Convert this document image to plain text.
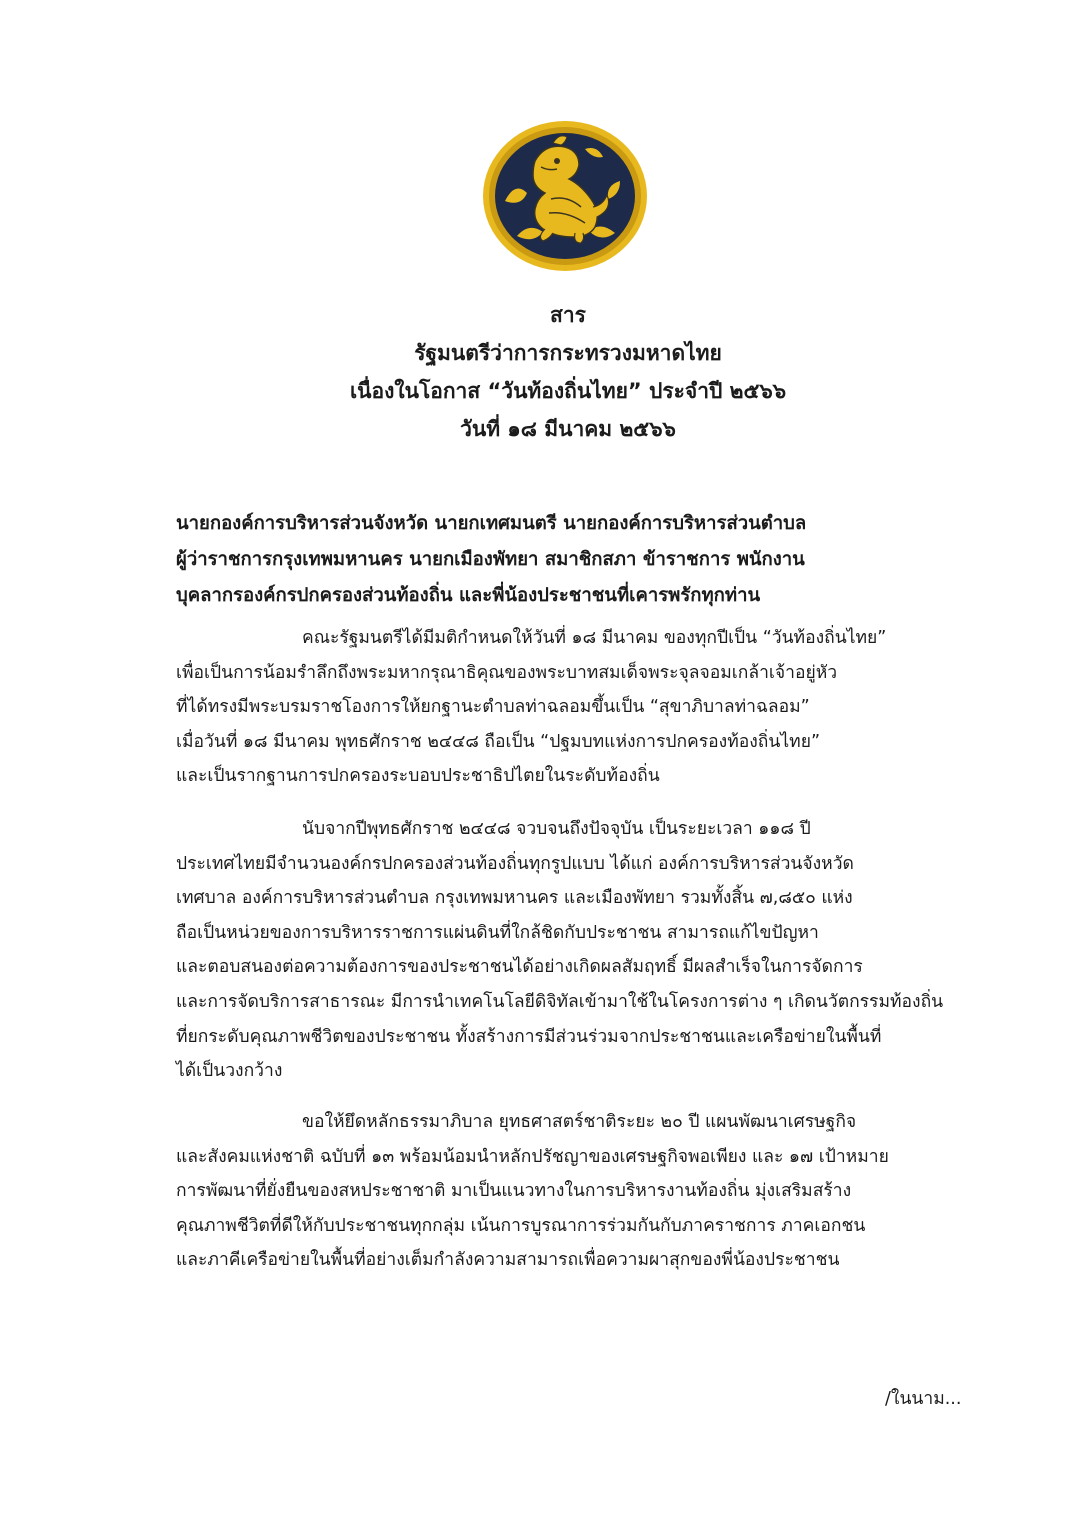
สาร
รัฐมนตรีว่าการกระทรวงมหาดไทย
เนื่องในโอกาส “วันท้องถิ่นไทย” ประจำปี ๒๕๖๖
วันที่ ๑๘ มีนาคม ๒๕๖๖
นายกองค์การบริหารส่วนจังหวัด นายกเทศมนตรี นายกองค์การบริหารส่วนตำบล
ผู้ว่าราชการกรุงเทพมหานคร นายกเมืองพัทยา สมาชิกสภา ข้าราชการ พนักงาน
บุคลากรองค์กรปกครองส่วนท้องถิ่น และพี่น้องประชาชนที่เคารพรักทุกท่าน
คณะรัฐมนตรีได้มีมติกำหนดให้วันที่ ๑๘ มีนาคม ของทุกปีเป็น “วันท้องถิ่นไทย”
เพื่อเป็นการน้อมรำลึกถึงพระมหากรุณาธิคุณของพระบาทสมเด็จพระจุลจอมเกล้าเจ้าอยู่หัว
ที่ได้ทรงมีพระบรมราชโองการให้ยกฐานะตำบลท่าฉลอมขึ้นเป็น “สุขาภิบาลท่าฉลอม”
เมื่อวันที่ ๑๘ มีนาคม พุทธศักราช ๒๔๔๘ ถือเป็น “ปฐมบทแห่งการปกครองท้องถิ่นไทย”
และเป็นรากฐานการปกครองระบอบประชาธิปไตยในระดับท้องถิ่น
นับจากปีพุทธศักราช ๒๔๔๘ จวบจนถึงปัจจุบัน เป็นระยะเวลา ๑๑๘ ปี
ประเทศไทยมีจำนวนองค์กรปกครองส่วนท้องถิ่นทุกรูปแบบ ได้แก่ องค์การบริหารส่วนจังหวัด
เทศบาล องค์การบริหารส่วนตำบล กรุงเทพมหานคร และเมืองพัทยา รวมทั้งสิ้น ๗,๘๕๐ แห่ง
ถือเป็นหน่วยของการบริหารราชการแผ่นดินที่ใกล้ชิดกับประชาชน สามารถแก้ไขปัญหา
และตอบสนองต่อความต้องการของประชาชนได้อย่างเกิดผลสัมฤทธิ์ มีผลสำเร็จในการจัดการ
และการจัดบริการสาธารณะ มีการนำเทคโนโลยีดิจิทัลเข้ามาใช้ในโครงการต่าง ๆ เกิดนวัตกรรมท้องถิ่น
ที่ยกระดับคุณภาพชีวิตของประชาชน ทั้งสร้างการมีส่วนร่วมจากประชาชนและเครือข่ายในพื้นที่
ได้เป็นวงกว้าง
ขอให้ยึดหลักธรรมาภิบาล ยุทธศาสตร์ชาติระยะ ๒๐ ปี แผนพัฒนาเศรษฐกิจ
และสังคมแห่งชาติ ฉบับที่ ๑๓ พร้อมน้อมนำหลักปรัชญาของเศรษฐกิจพอเพียง และ ๑๗ เป้าหมาย
การพัฒนาที่ยั่งยืนของสหประชาชาติ มาเป็นแนวทางในการบริหารงานท้องถิ่น มุ่งเสริมสร้าง
คุณภาพชีวิตที่ดีให้กับประชาชนทุกกลุ่ม เน้นการบูรณาการร่วมกันกับภาคราชการ ภาคเอกชน
และภาคีเครือข่ายในพื้นที่อย่างเต็มกำลังความสามารถเพื่อความผาสุกของพี่น้องประชาชน
/ในนาม...
